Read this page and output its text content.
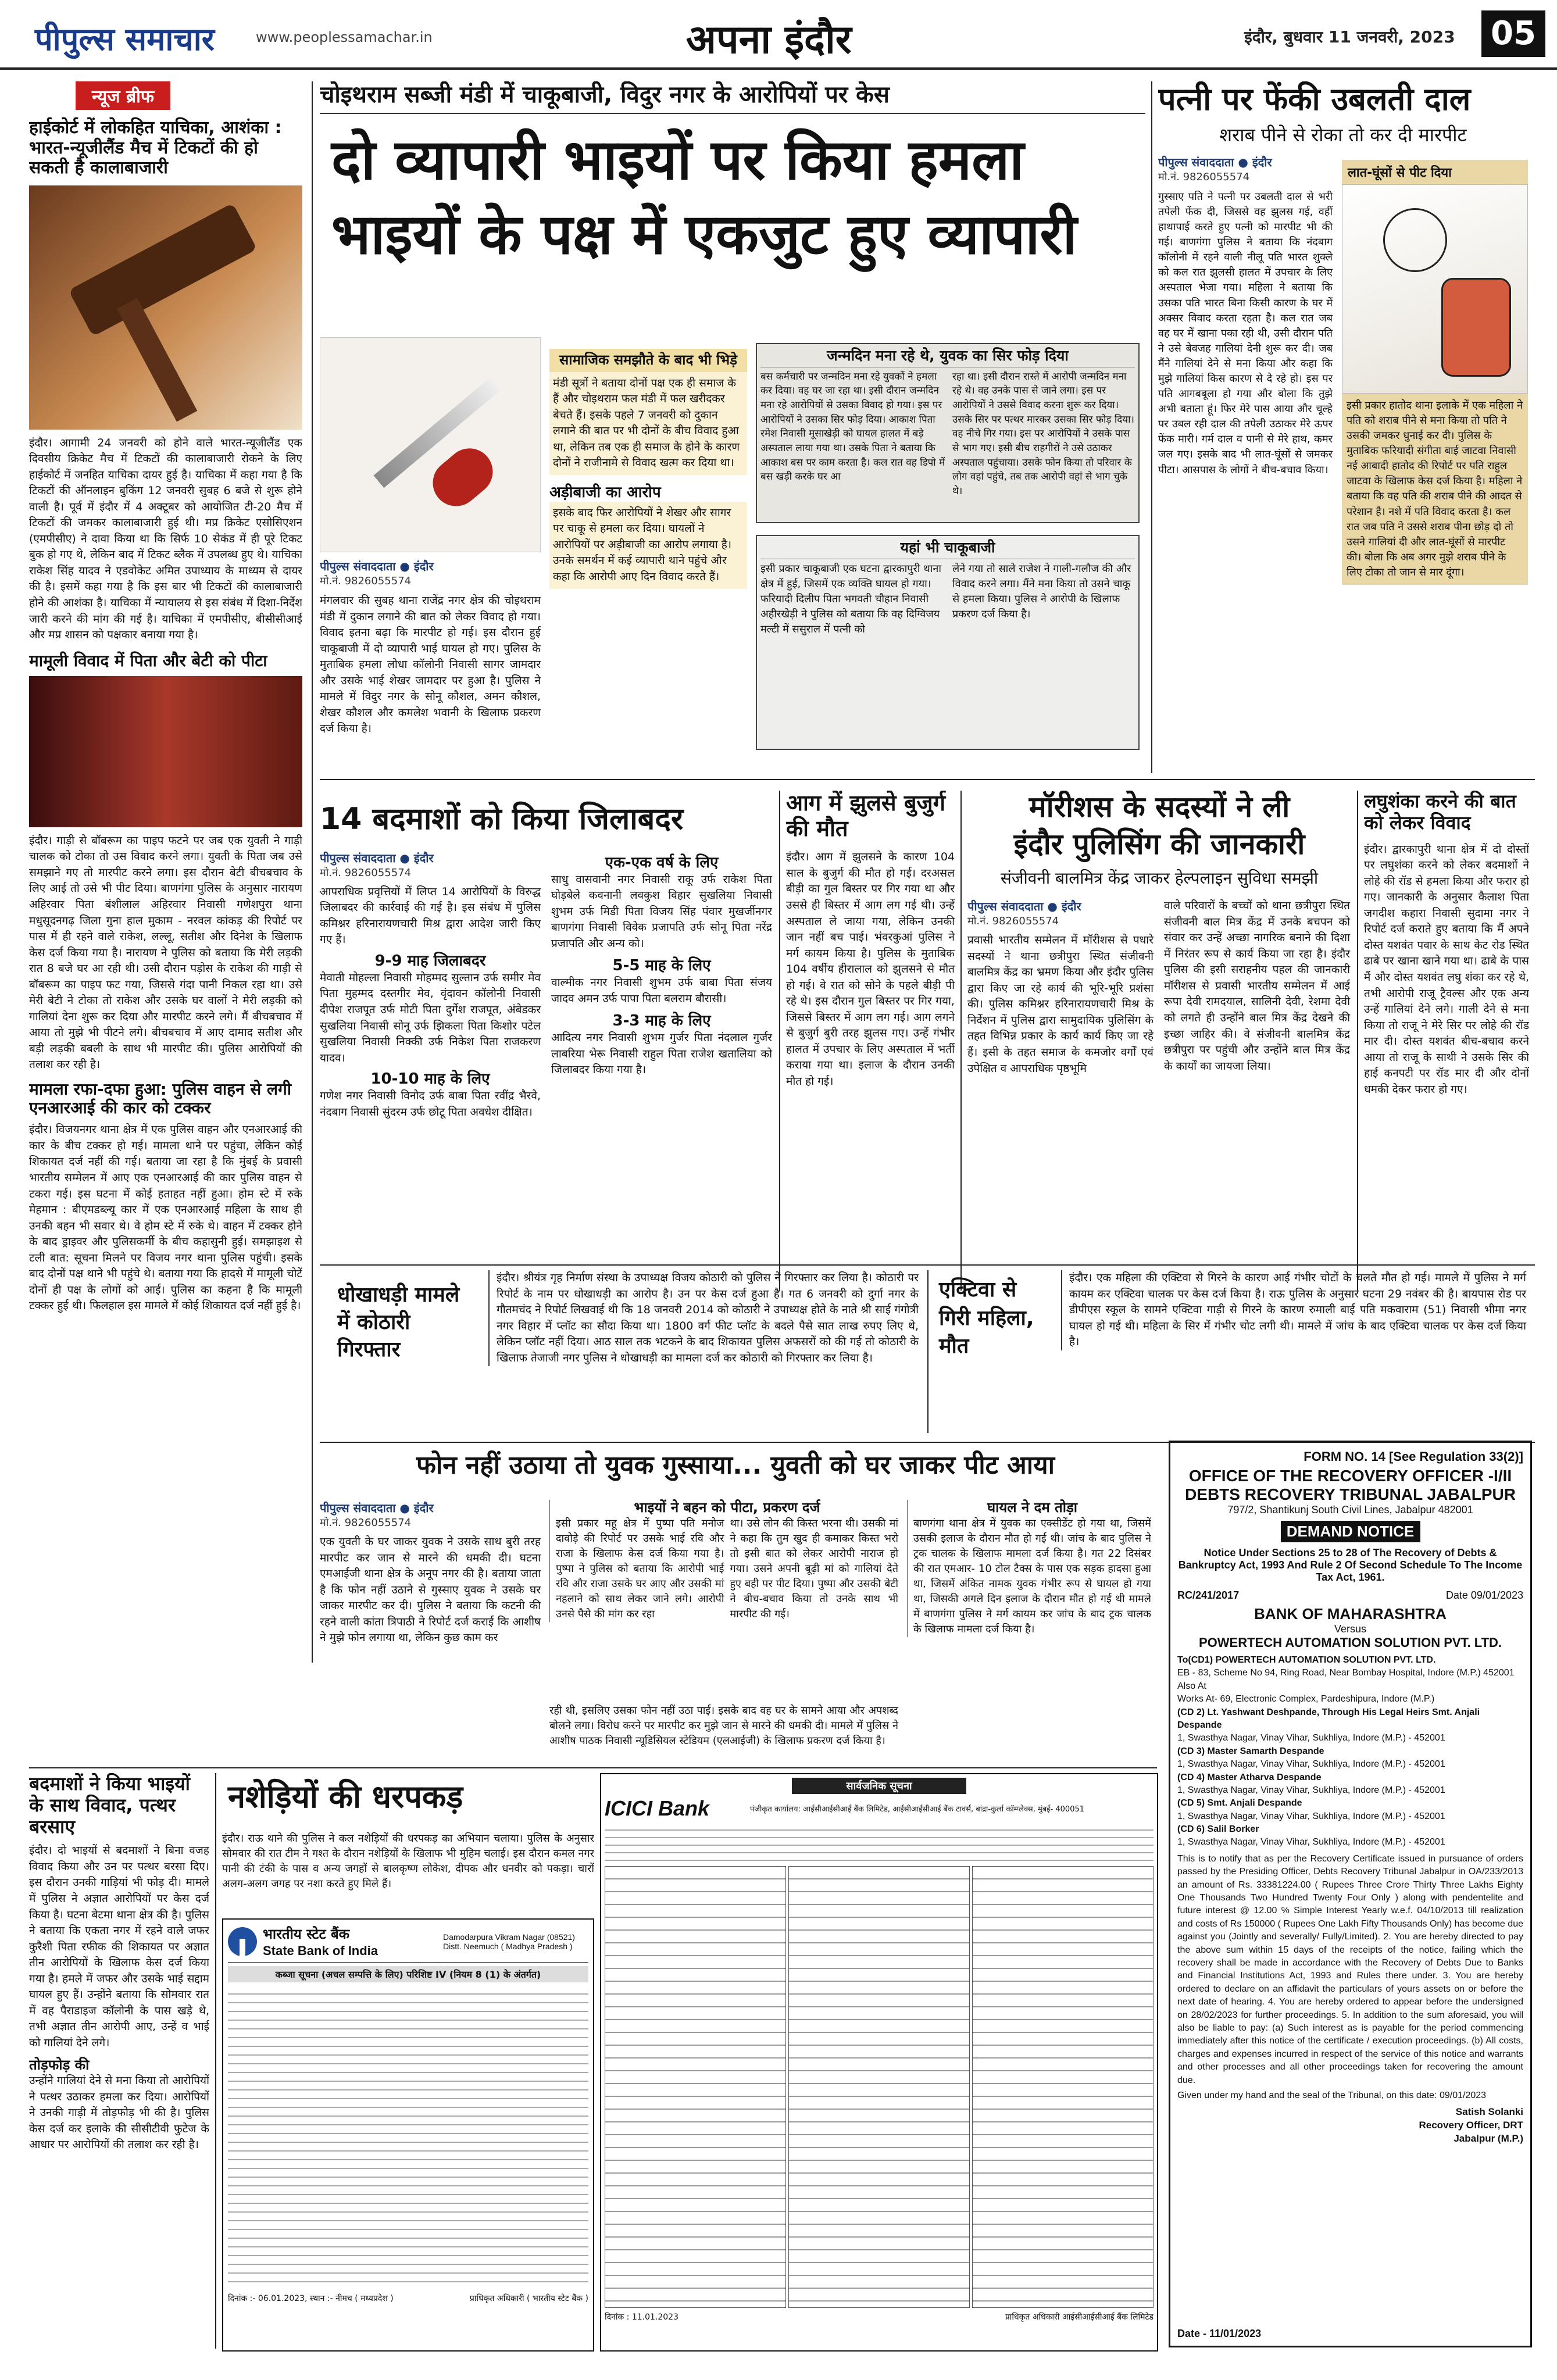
पीपुल्स समाचार	www.peoplessamachar.in	अपना इंदौर	इंदौर, बुधवार 11 जनवरी, 2023 05
न्यूज ब्रीफ
हाईकोर्ट में लोकहित याचिका, आशंका : भारत-न्यूजीलैंड मैच में टिकटों की हो सकती है कालाबाजारी
इंदौर। आगामी 24 जनवरी को होने वाले भारत-न्यूजीलैंड एक दिवसीय क्रिकेट मैच में टिकटों की कालाबाजारी रोकने के लिए हाईकोर्ट में जनहित याचिका दायर हुई है। याचिका में कहा गया है कि टिकटों की ऑनलाइन बुकिंग 12 जनवरी सुबह 6 बजे से शुरू होने वाली है। पूर्व में इंदौर में 4 अक्टूबर को आयोजित टी-20 मैच में टिकटों की जमकर कालाबाजारी हुई थी। मप्र क्रिकेट एसोसिएशन (एमपीसीए) ने दावा किया था कि सिर्फ 10 सेकंड में ही पूरे टिकट बुक हो गए थे, लेकिन बाद में टिकट ब्लैक में उपलब्ध हुए थे। याचिका राकेश सिंह यादव ने एडवोकेट अमित उपाध्याय के माध्यम से दायर की है। इसमें कहा गया है कि इस बार भी टिकटों की कालाबाजारी होने की आशंका है। याचिका में न्यायालय से इस संबंध में दिशा-निर्देश जारी करने की मांग की गई है। याचिका में एमपीसीए, बीसीसीआई और मप्र शासन को पक्षकार बनाया गया है।
मामूली विवाद में पिता और बेटी को पीटा
इंदौर। गाड़ी से बॉबरूम का पाइप फटने पर जब एक युवती ने गाड़ी चालक को टोका तो उस विवाद करने लगा। युवती के पिता जब उसे समझाने गए तो मारपीट करने लगा। इस दौरान बेटी बीचबचाव के लिए आई तो उसे भी पीट दिया। बाणगंगा पुलिस के अनुसार नारायण अहिरवार पिता बंशीलाल अहिरवार निवासी गणेशपुरा थाना मधुसूदनगढ़ जिला गुना हाल मुकाम - नरवल कांकड़ की रिपोर्ट पर पास में ही रहने वाले राकेश, लल्लू, सतीश और दिनेश के खिलाफ केस दर्ज किया गया है। नारायण ने पुलिस को बताया कि मेरी लड़की रात 8 बजे घर आ रही थी। उसी दौरान पड़ोस के राकेश की गाड़ी से बॉबरूम का पाइप फट गया, जिससे गंदा पानी निकल रहा था। उसे मेरी बेटी ने टोका तो राकेश और उसके घर वालों ने मेरी लड़की को गालियां देना शुरू कर दिया और मारपीट करने लगे। मैं बीचबचाव में आया तो मुझे भी पीटने लगे। बीचबचाव में आए दामाद सतीश और बड़ी लड़की बबली के साथ भी मारपीट की। पुलिस आरोपियों की तलाश कर रही है।
मामला रफा-दफा हुआ: पुलिस वाहन से लगी एनआरआई की कार को टक्कर
इंदौर। विजयनगर थाना क्षेत्र में एक पुलिस वाहन और एनआरआई की कार के बीच टक्कर हो गई। मामला थाने पर पहुंचा, लेकिन कोई शिकायत दर्ज नहीं की गई। बताया जा रहा है कि मुंबई के प्रवासी भारतीय सम्मेलन में आए एक एनआरआई की कार पुलिस वाहन से टकरा गई। इस घटना में कोई हताहत नहीं हुआ। होम स्टे में रुके मेहमान : बीएमडब्ल्यू कार में एक एनआरआई महिला के साथ ही उनकी बहन भी सवार थे। वे होम स्टे में रुके थे। वाहन में टक्कर होने के बाद ड्राइवर और पुलिसकर्मी के बीच कहासुनी हुई। समझाइश से टली बात: सूचना मिलने पर विजय नगर थाना पुलिस पहुंची। इसके बाद दोनों पक्ष थाने भी पहुंचे थे। बताया गया कि हादसे में मामूली चोटें दोनों ही पक्ष के लोगों को आई। पुलिस का कहना है कि मामूली टक्कर हुई थी। फिलहाल इस मामले में कोई शिकायत दर्ज नहीं हुई है।
चोइथराम सब्जी मंडी में चाकूबाजी, विदुर नगर के आरोपियों पर केस
दो व्यापारी भाइयों पर किया हमला
भाइयों के पक्ष में एकजुट हुए व्यापारी
पीपुल्स संवाददाता ● इंदौर
मो.नं. 9826055574
मंगलवार की सुबह थाना राजेंद्र नगर क्षेत्र की चोइथराम मंडी में दुकान लगाने की बात को लेकर विवाद हो गया। विवाद इतना बढ़ा कि मारपीट हो गई। इस दौरान हुई चाकूबाजी में दो व्यापारी भाई घायल हो गए। पुलिस के मुताबिक हमला लोधा कॉलोनी निवासी सागर जामदार और उसके भाई शेखर जामदार पर हुआ है। पुलिस ने मामले में विदुर नगर के सोनू कौशल, अमन कौशल, शेखर कौशल और कमलेश भवानी के खिलाफ प्रकरण दर्ज किया है।
सामाजिक समझौते के बाद भी भिड़े
मंडी सूत्रों ने बताया दोनों पक्ष एक ही समाज के हैं और चोइथराम फल मंडी में फल खरीदकर बेचते हैं। इसके पहले 7 जनवरी को दुकान लगाने की बात पर भी दोनों के बीच विवाद हुआ था, लेकिन तब एक ही समाज के होने के कारण दोनों ने राजीनामे से विवाद खत्म कर दिया था।
अड़ीबाजी का आरोप
इसके बाद फिर आरोपियों ने शेखर और सागर पर चाकू से हमला कर दिया। घायलों ने आरोपियों पर अड़ीबाजी का आरोप लगाया है। उनके समर्थन में कई व्यापारी थाने पहुंचे और कहा कि आरोपी आए दिन विवाद करते हैं।
जन्मदिन मना रहे थे, युवक का सिर फोड़ दिया
बस कर्मचारी पर जन्मदिन मना रहे युवकों ने हमला कर दिया। वह घर जा रहा था। इसी दौरान जन्मदिन मना रहे आरोपियों से उसका विवाद हो गया। इस पर आरोपियों ने उसका सिर फोड़ दिया। आकाश पिता रमेश निवासी मूसाखेड़ी को घायल हालत में बड़े अस्पताल लाया गया था। उसके पिता ने बताया कि आकाश बस पर काम करता है। कल रात वह डिपो में बस खड़ी करके घर आ
रहा था। इसी दौरान रास्ते में आरोपी जन्मदिन मना रहे थे। वह उनके पास से जाने लगा। इस पर आरोपियों ने उससे विवाद करना शुरू कर दिया। उसके सिर पर पत्थर मारकर उसका सिर फोड़ दिया। वह नीचे गिर गया। इस पर आरोपियों ने उसके पास से भाग गए। इसी बीच राहगीरों ने उसे उठाकर अस्पताल पहुंचाया। उसके फोन किया तो परिवार के लोग वहां पहुंचे, तब तक आरोपी वहां से भाग चुके थे।
यहां भी चाकूबाजी
इसी प्रकार चाकूबाजी एक घटना द्वारकापुरी थाना क्षेत्र में हुई, जिसमें एक व्यक्ति घायल हो गया। फरियादी दिलीप पिता भगवती चौहान निवासी अहीरखेड़ी ने पुलिस को बताया कि वह दिग्विजय मल्टी में ससुराल में पत्नी को
लेने गया तो साले राजेश ने गाली-गलौज की और विवाद करने लगा। मैंने मना किया तो उसने चाकू से हमला किया। पुलिस ने आरोपी के खिलाफ प्रकरण दर्ज किया है।
पत्नी पर फेंकी उबलती दाल
शराब पीने से रोका तो कर दी मारपीट
पीपुल्स संवाददाता ● इंदौर
मो.नं. 9826055574
गुस्साए पति ने पत्नी पर उबलती दाल से भरी तपेली फेंक दी, जिससे वह झुलस गई, वहीं हाथापाई करते हुए पत्नी को मारपीट भी की गई। बाणगंगा पुलिस ने बताया कि नंदबाग कॉलोनी में रहने वाली नीलू पति भारत शुक्ले को कल रात झुलसी हालत में उपचार के लिए अस्पताल भेजा गया। महिला ने बताया कि उसका पति भारत बिना किसी कारण के घर में अक्सर विवाद करता रहता है। कल रात जब वह घर में खाना पका रही थी, उसी दौरान पति ने उसे बेवजह गालियां देनी शुरू कर दी। जब मैंने गालियां देने से मना किया और कहा कि मुझे गालियां किस कारण से दे रहे हो। इस पर पति आगबबूला हो गया और बोला कि तुझे अभी बताता हूं। फिर मेरे पास आया और चूल्हे पर उबल रही दाल की तपेली उठाकर मेरे ऊपर फेंक मारी। गर्म दाल व पानी से मेरे हाथ, कमर जल गए। इसके बाद भी लात-घूंसों से जमकर पीटा। आसपास के लोगों ने बीच-बचाव किया।
लात-घूंसों से पीट दिया
इसी प्रकार हातोद थाना इलाके में एक महिला ने पति को शराब पीने से मना किया तो पति ने उसकी जमकर धुनाई कर दी। पुलिस के मुताबिक फरियादी संगीता बाई जाटवा निवासी नई आबादी हातोद की रिपोर्ट पर पति राहुल जाटवा के खिलाफ केस दर्ज किया है। महिला ने बताया कि वह पति की शराब पीने की आदत से परेशान है। नशे में पति विवाद करता है। कल रात जब पति ने उससे शराब पीना छोड़ दो तो उसने गालियां दी और लात-घूंसों से मारपीट की। बोला कि अब अगर मुझे शराब पीने के लिए टोका तो जान से मार दूंगा।
14 बदमाशों को किया जिलाबदर
पीपुल्स संवाददाता ● इंदौर
मो.नं. 9826055574
आपराधिक प्रवृत्तियों में लिप्त 14 आरोपियों के विरुद्ध जिलाबदर की कार्रवाई की गई है। इस संबंध में पुलिस कमिश्नर हरिनारायणचारी मिश्र द्वारा आदेश जारी किए गए हैं।
9-9 माह जिलाबदर
मेवाती मोहल्ला निवासी मोहम्मद सुल्तान उर्फ समीर मेव पिता मुहम्मद दस्तगीर मेव, वृंदावन कॉलोनी निवासी दीपेश राजपूत उर्फ मोटी पिता दुर्गेश राजपूत, अंबेडकर सुखलिया निवासी सोनू उर्फ झिकला पिता किशोर पटेल सुखलिया निवासी निक्की उर्फ निकेश पिता राजकरण यादव।
10-10 माह के लिए
गणेश नगर निवासी विनोद उर्फ बाबा पिता रवींद्र भैरवे, नंदबाग निवासी सुंदरम उर्फ छोटू पिता अवधेश दीक्षित।
एक-एक वर्ष के लिए
साधु वासवानी नगर निवासी राकू उर्फ राकेश पिता घोड़बेले कवनानी लवकुश विहार सुखलिया निवासी शुभम उर्फ मिडी पिता विजय सिंह पंवार मुखर्जीनगर बाणगंगा निवासी विवेक प्रजापति उर्फ सोनू पिता नरेंद्र प्रजापति और अन्य को।
5-5 माह के लिए
वाल्मीक नगर निवासी शुभम उर्फ बाबा पिता संजय जादव अमन उर्फ पापा पिता बलराम बौरासी।
3-3 माह के लिए
आदित्य नगर निवासी शुभम गुर्जर पिता नंदलाल गुर्जर लाबरिया भेरू निवासी राहुल पिता राजेश खतालिया को जिलाबदर किया गया है।
आग में झुलसे बुजुर्ग की मौत
इंदौर। आग में झुलसने के कारण 104 साल के बुजुर्ग की मौत हो गई। दरअसल बीड़ी का गुल बिस्तर पर गिर गया था और उससे ही बिस्तर में आग लग गई थी। उन्हें अस्पताल ले जाया गया, लेकिन उनकी जान नहीं बच पाई। भंवरकुआं पुलिस ने मर्ग कायम किया है। पुलिस के मुताबिक 104 वर्षीय हीरालाल को झुलसने से मौत हो गई। वे रात को सोने के पहले बीड़ी पी रहे थे। इस दौरान गुल बिस्तर पर गिर गया, जिससे बिस्तर में आग लग गई। आग लगने से बुजुर्ग बुरी तरह झुलस गए। उन्हें गंभीर हालत में उपचार के लिए अस्पताल में भर्ती कराया गया था। इलाज के दौरान उनकी मौत हो गई।
मॉरीशस के सदस्यों ने ली
इंदौर पुलिसिंग की जानकारी
संजीवनी बालमित्र केंद्र जाकर हेल्पलाइन सुविधा समझी
पीपुल्स संवाददाता ● इंदौर
मो.नं. 9826055574
प्रवासी भारतीय सम्मेलन में मॉरीशस से पधारे सदस्यों ने थाना छत्रीपुरा स्थित संजीवनी बालमित्र केंद्र का भ्रमण किया और इंदौर पुलिस द्वारा किए जा रहे कार्य की भूरि-भूरि प्रशंसा की। पुलिस कमिश्नर हरिनारायणचारी मिश्र के निर्देशन में पुलिस द्वारा सामुदायिक पुलिसिंग के तहत विभिन्न प्रकार के कार्य कार्य किए जा रहे हैं। इसी के तहत समाज के कमजोर वर्गों एवं उपेक्षित व आपराधिक पृष्ठभूमि
वाले परिवारों के बच्चों को थाना छत्रीपुरा स्थित संजीवनी बाल मित्र केंद्र में उनके बचपन को संवार कर उन्हें अच्छा नागरिक बनाने की दिशा में निरंतर रूप से कार्य किया जा रहा है। इंदौर पुलिस की इसी सराहनीय पहल की जानकारी मॉरीशस से प्रवासी भारतीय सम्मेलन में आई रूपा देवी रामदयाल, सालिनी देवी, रेशमा देवी को लगते ही उन्होंने बाल मित्र केंद्र देखने की इच्छा जाहिर की। वे संजीवनी बालमित्र केंद्र छत्रीपुरा पर पहुंची और उन्होंने बाल मित्र केंद्र के कार्यों का जायजा लिया।
लघुशंका करने की बात को लेकर विवाद
इंदौर। द्वारकापुरी थाना क्षेत्र में दो दोस्तों पर लघुशंका करने को लेकर बदमाशों ने लोहे की रॉड से हमला किया और फरार हो गए। जानकारी के अनुसार कैलाश पिता जगदीश कहारा निवासी सुदामा नगर ने रिपोर्ट दर्ज कराते हुए बताया कि मैं अपने दोस्त यशवंत पवार के साथ केट रोड स्थित ढाबे पर खाना खाने गया था। ढाबे के पास मैं और दोस्त यशवंत लघु शंका कर रहे थे, तभी आरोपी राजू ट्रैवल्स और एक अन्य उन्हें गालियां देने लगे। गाली देने से मना किया तो राजू ने मेरे सिर पर लोहे की रॉड मार दी। दोस्त यशवंत बीच-बचाव करने आया तो राजू के साथी ने उसके सिर की हाई कनपटी पर रॉड मार दी और दोनों धमकी देकर फरार हो गए।
धोखाधड़ी मामले में कोठारी गिरफ्तार
इंदौर। श्रीयंत्र गृह निर्माण संस्था के उपाध्यक्ष विजय कोठारी को पुलिस ने गिरफ्तार कर लिया है। कोठारी पर रिपोर्ट के नाम पर धोखाधड़ी का आरोप है। उन पर केस दर्ज हुआ है। गत 6 जनवरी को दुर्गा नगर के गौतमचंद ने रिपोर्ट लिखवाई थी कि 18 जनवरी 2014 को कोठारी ने उपाध्यक्ष होते के नाते श्री साई गंगोत्री नगर विहार में प्लॉट का सौदा किया था। 1800 वर्ग फीट प्लॉट के बदले पैसे सात लाख रुपए लिए थे, लेकिन प्लॉट नहीं दिया। आठ साल तक भटकने के बाद शिकायत पुलिस अफसरों को की गई तो कोठारी के खिलाफ तेजाजी नगर पुलिस ने धोखाधड़ी का मामला दर्ज कर कोठारी को गिरफ्तार कर लिया है।
एक्टिवा से गिरी महिला, मौत
इंदौर। एक महिला की एक्टिवा से गिरने के कारण आई गंभीर चोटों के चलते मौत हो गई। मामले में पुलिस ने मर्ग कायम कर एक्टिवा चालक पर केस दर्ज किया है। राऊ पुलिस के अनुसार घटना 29 नवंबर की है। बायपास रोड पर डीपीएस स्कूल के सामने एक्टिवा गाड़ी से गिरने के कारण रुमाली बाई पति मकवाराम (51) निवासी भीमा नगर घायल हो गई थी। महिला के सिर में गंभीर चोट लगी थी। मामले में जांच के बाद एक्टिवा चालक पर केस दर्ज किया है।
फोन नहीं उठाया तो युवक गुस्साया... युवती को घर जाकर पीट आया
पीपुल्स संवाददाता ● इंदौर
मो.नं. 9826055574
एक युवती के घर जाकर युवक ने उसके साथ बुरी तरह मारपीट कर जान से मारने की धमकी दी। घटना एमआईजी थाना क्षेत्र के अनूप नगर की है। बताया जाता है कि फोन नहीं उठाने से गुस्साए युवक ने उसके घर जाकर मारपीट कर दी। पुलिस ने बताया कि कटनी की रहने वाली कांता त्रिपाठी ने रिपोर्ट दर्ज कराई कि आशीष ने मुझे फोन लगाया था, लेकिन कुछ काम कर
भाइयों ने बहन को पीटा, प्रकरण दर्ज
इसी प्रकार महू क्षेत्र में पुष्पा पति मनोज दावोड़े की रिपोर्ट पर उसके भाई रवि और राजा के खिलाफ केस दर्ज किया गया है। पुष्पा ने पुलिस को बताया कि आरोपी भाई रवि और राजा उसके घर आए और उसकी मां नहलाने को साथ लेकर जाने लगे। आरोपी उनसे पैसे की मांग कर रहा
था। उसे लोन की किस्त भरना थी। उसकी मां ने कहा कि तुम खुद ही कमाकर किस्त भरो तो इसी बात को लेकर आरोपी नाराज हो गया। उसने अपनी बूढ़ी मां को गालियां देते हुए बही पर पीट दिया। पुष्पा और उसकी बेटी ने बीच-बचाव किया तो उनके साथ भी मारपीट की गई।
घायल ने दम तोड़ा
बाणगंगा थाना क्षेत्र में युवक का एक्सीडेंट हो गया था, जिसमें उसकी इलाज के दौरान मौत हो गई थी। जांच के बाद पुलिस ने ट्रक चालक के खिलाफ मामला दर्ज किया है। गत 22 दिसंबर की रात एमआर- 10 टोल टैक्स के पास एक सड़क हादसा हुआ था, जिसमें अंकित नामक युवक गंभीर रूप से घायल हो गया था, जिसकी अगले दिन इलाज के दौरान मौत हो गई थी मामले में बाणगंगा पुलिस ने मर्ग कायम कर जांच के बाद ट्रक चालक के खिलाफ मामला दर्ज किया है।
रही थी, इसलिए उसका फोन नहीं उठा पाई। इसके बाद वह घर के सामने आया और अपशब्द बोलने लगा। विरोध करने पर मारपीट कर मुझे जान से मारने की धमकी दी। मामले में पुलिस ने आशीष पाठक निवासी न्यूडिसियल स्टेडियम (एलआईजी) के खिलाफ प्रकरण दर्ज किया है।
FORM NO. 14 [See Regulation 33(2)]
OFFICE OF THE RECOVERY OFFICER -I/II
DEBTS RECOVERY TRIBUNAL JABALPUR
797/2, Shantikunj South Civil Lines, Jabalpur 482001
DEMAND NOTICE
Notice Under Sections 25 to 28 of The Recovery of Debts & Bankruptcy Act, 1993 And Rule 2 Of Second Schedule To The Income Tax Act, 1961.
RC/241/2017	Date 09/01/2023
BANK OF MAHARASHTRA
Versus
POWERTECH AUTOMATION SOLUTION PVT. LTD.
To(CD1) POWERTECH AUTOMATION SOLUTION PVT. LTD.
EB - 83, Scheme No 94, Ring Road, Near Bombay Hospital, Indore (M.P.) 452001
Also At
Works At- 69, Electronic Complex, Pardeshipura, Indore (M.P.)
(CD 2) Lt. Yashwant Deshpande, Through His Legal Heirs Smt. Anjali Despande
1, Swasthya Nagar, Vinay Vihar, Sukhliya, Indore (M.P.) - 452001
(CD 3) Master Samarth Despande
1, Swasthya Nagar, Vinay Vihar, Sukhliya, Indore (M.P.) - 452001
(CD 4) Master Atharva Despande
1, Swasthya Nagar, Vinay Vihar, Sukhliya, Indore (M.P.) - 452001
(CD 5) Smt. Anjali Despande
1, Swasthya Nagar, Vinay Vihar, Sukhliya, Indore (M.P.) - 452001
(CD 6) Salil Borker
1, Swasthya Nagar, Vinay Vihar, Sukhliya, Indore (M.P.) - 452001
This is to notify that as per the Recovery Certificate issued in pursuance of orders passed by the Presiding Officer, Debts Recovery Tribunal Jabalpur in OA/233/2013 an amount of Rs. 33381224.00 ( Rupees Three Crore Thirty Three Lakhs Eighty One Thousands Two Hundred Twenty Four Only ) along with pendentelite and future interest @ 12.00 % Simple Interest Yearly w.e.f. 04/10/2013 till realization and costs of Rs 150000 ( Rupees One Lakh Fifty Thousands Only) has become due against you (Jointly and severally/ Fully/Limited). 2. You are hereby directed to pay the above sum within 15 days of the receipts of the notice, failing which the recovery shall be made in accordance with the Recovery of Debts Due to Banks and Financial Institutions Act, 1993 and Rules there under. 3. You are hereby ordered to declare on an affidavit the particulars of yours assets on or before the next date of hearing. 4. You are hereby ordered to appear before the undersigned on 28/02/2023 for further proceedings. 5. In addition to the sum aforesaid, you will also be liable to pay: (a) Such interest as is payable for the period commencing immediately after this notice of the certificate / execution proceedings. (b) All costs, charges and expenses incurred in respect of the service of this notice and warrants and other processes and all other proceedings taken for recovering the amount due.
Given under my hand and the seal of the Tribunal, on this date: 09/01/2023
Satish Solanki
Recovery Officer, DRT
Jabalpur (M.P.)
Date - 11/01/2023
बदमाशों ने किया भाइयों के साथ विवाद, पत्थर बरसाए
इंदौर। दो भाइयों से बदमाशों ने बिना वजह विवाद किया और उन पर पत्थर बरसा दिए। इस दौरान उनकी गाड़ियां भी फोड़ दी। मामले में पुलिस ने अज्ञात आरोपियों पर केस दर्ज किया है। घटना बेटमा थाना क्षेत्र की है। पुलिस ने बताया कि एकता नगर में रहने वाले जफर कुरैशी पिता रफीक की शिकायत पर अज्ञात तीन आरोपियों के खिलाफ केस दर्ज किया गया है। हमले में जफर और उसके भाई सद्दाम घायल हुए हैं। उन्होंने बताया कि सोमवार रात में वह पैराडाइज कॉलोनी के पास खड़े थे, तभी अज्ञात तीन आरोपी आए, उन्हें व भाई को गालियां देने लगे।
तोड़फोड़ की
उन्होंने गालियां देने से मना किया तो आरोपियों ने पत्थर उठाकर हमला कर दिया। आरोपियों ने उनकी गाड़ी में तोड़फोड़ भी की है। पुलिस केस दर्ज कर इलाके की सीसीटीवी फुटेज के आधार पर आरोपियों की तलाश कर रही है।
नशेड़ियों की धरपकड़
इंदौर। राऊ थाने की पुलिस ने कल नशेड़ियों की धरपकड़ का अभियान चलाया। पुलिस के अनुसार सोमवार की रात टीम ने गश्त के दौरान नशेड़ियों के खिलाफ भी मुहिम चलाई। इस दौरान कमल नगर पानी की टंकी के पास व अन्य जगहों से बालकृष्ण लोकेश, दीपक और धनवीर को पकड़ा। चारों अलग-अलग जगह पर नशा करते हुए मिले हैं।
भारतीय स्टेट बैंक
State Bank of India
Damodarpura Vikram Nagar (08521) Distt. Neemuch ( Madhya Pradesh )
कब्जा सूचना (अचल सम्पत्ति के लिए) परिशिष्ट IV (नियम 8 (1) के अंतर्गत)
दिनांक :- 06.01.2023, स्थान :- नीमच ( मध्यप्रदेश )	प्राधिकृत अधिकारी ( भारतीय स्टेट बैंक )
सार्वजनिक सूचना
ICICI Bank	पंजीकृत कार्यालय: आईसीआईसीआई बैंक लिमिटेड, आईसीआईसीआई बैंक टावर्स, बांद्रा-कुर्ला कॉम्प्लेक्स, मुंबई- 400051
दिनांक : 11.01.2023	प्राधिकृत अधिकारी आईसीआईसीआई बैंक लिमिटेड
